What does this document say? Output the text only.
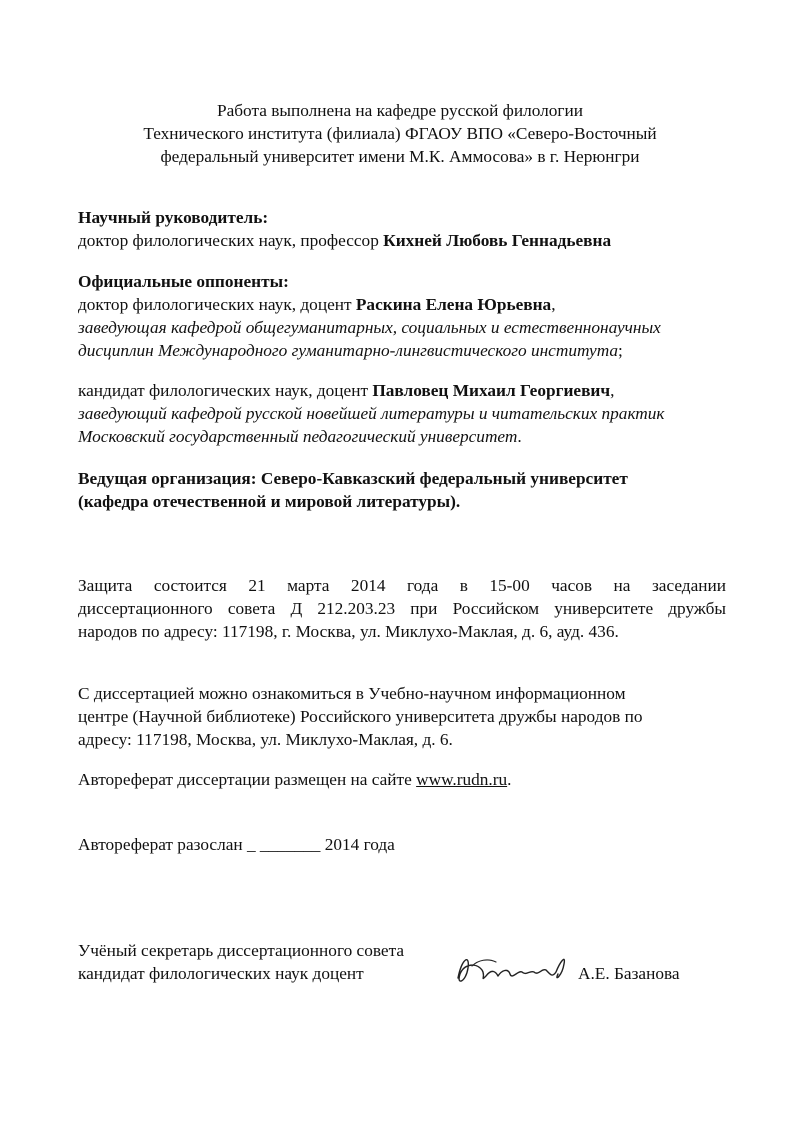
Работа выполнена на кафедре русской филологии
Технического института (филиала) ФГАОУ ВПО «Северо-Восточный
федеральный университет имени М.К. Аммосова» в г. Нерюнгри
Научный руководитель:
доктор филологических наук, профессор Кихней Любовь Геннадьевна
Официальные оппоненты:
доктор филологических наук, доцент Раскина Елена Юрьевна,
заведующая кафедрой общегуманитарных, социальных и естественнонаучных
дисциплин Международного гуманитарно-лингвистического института;
кандидат филологических наук, доцент Павловец Михаил Георгиевич,
заведующий кафедрой русской новейшей литературы и читательских практик
Московский государственный педагогический университет.
Ведущая организация: Северо-Кавказский федеральный университет
(кафедра отечественной и мировой литературы).
Защита состоится 21 марта 2014 года в 15-00 часов на заседании
диссертационного совета Д 212.203.23 при Российском университете дружбы
народов по адресу: 117198, г. Москва, ул. Миклухо-Маклая, д. 6, ауд. 436.
С диссертацией можно ознакомиться в Учебно-научном информационном
центре (Научной библиотеке) Российского университета дружбы народов по
адресу: 117198, Москва, ул. Миклухо-Маклая, д. 6.
Автореферат диссертации размещен на сайте www.rudn.ru.
Автореферат разослан _ _______ 2014 года
Учёный секретарь диссертационного совета
кандидат филологических наук доцент	А.Е. Базанова
